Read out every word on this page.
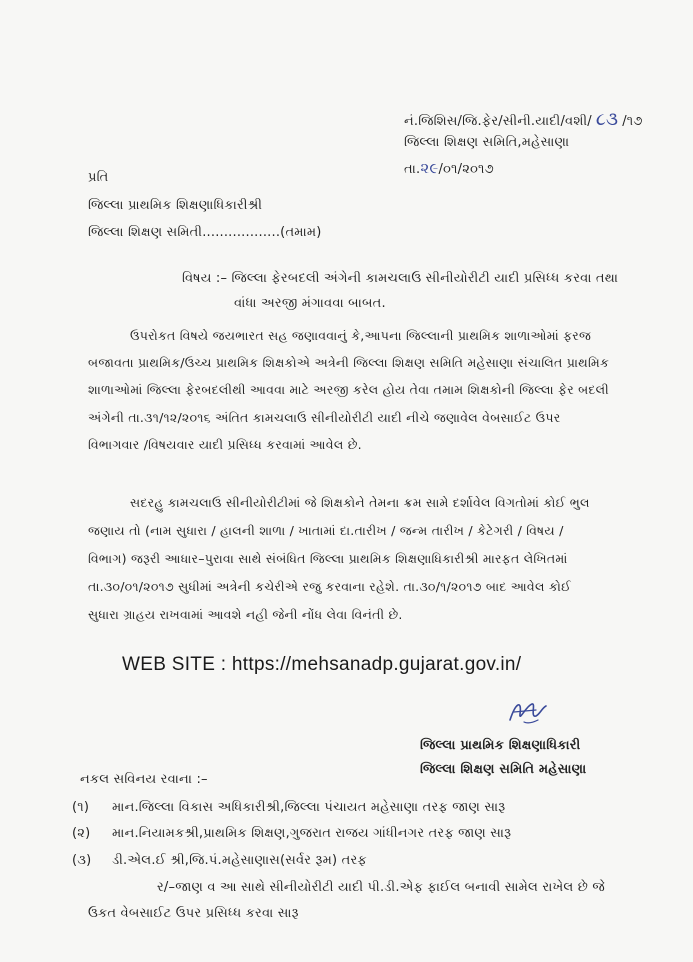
નં.જિશિસ/જિ.ફેર/સીની.યાદી/વશી/ ૮૩ /૧૭
જિલ્લા શિક્ષણ સમિતિ,મહેસાણા
તા.૨૯/૦૧/૨૦૧૭
પ્રતિ
જિલ્લા પ્રાથમિક શિક્ષણાધિકારીશ્રી
જિલ્લા શિક્ષણ સમિતી..................(તમામ)
વિષય :– જિલ્લા ફેરબદલી અંગેની કામચલાઉ સીનીયોરીટી યાદી પ્રસિધ્ધ કરવા તથા
વાંધા અરજી મંગાવવા બાબત.
ઉપરોકત વિષયે જયભારત સહ જણાવવાનું કે,આપના જિલ્લાની પ્રાથમિક શાળાઓમાં ફરજ
બજાવતા પ્રાથમિક/ઉચ્ચ પ્રાથમિક શિક્ષકોએ અત્રેની જિલ્લા શિક્ષણ સમિતિ મહેસાણા સંચાલિત પ્રાથમિક
શાળાઓમાં જિલ્લા ફેરબદલીથી આવવા માટે અરજી કરેલ હોય તેવા તમામ શિક્ષકોની જિલ્લા ફેર બદલી
અંગેની તા.૩૧/૧૨/૨૦૧૬ અંતિત કામચલાઉ સીનીયોરીટી યાદી નીચે જણાવેલ વેબસાઈટ ઉપર
વિભાગવાર /વિષયવાર યાદી પ્રસિધ્ધ કરવામાં આવેલ છે.
સદરહુ કામચલાઉ સીનીયોરીટીમાં જે શિક્ષકોને તેમના ક્રમ સામે દર્શાવેલ વિગતોમાં કોઈ ભુલ
જણાય તો (નામ સુધારા / હાલની શાળા / ખાતામાં દા.તારીખ / જન્મ તારીખ / કેટેગરી / વિષય /
વિભાગ) જરૂરી આધાર–પુરાવા સાથે સંબંધિત જિલ્લા પ્રાથમિક શિક્ષણાધિકારીશ્રી મારફત લેખિતમાં
તા.૩૦/૦૧/૨૦૧૭ સુધીમાં અત્રેની કચેરીએ રજુ કરવાના રહેશે. તા.૩૦/૧/૨૦૧૭ બાદ આવેલ કોઈ
સુધારા ગ્રાહય રાખવામાં આવશે નહી જેની નોંધ લેવા વિનંતી છે.
WEB SITE : https://mehsanadp.gujarat.gov.in/
જિલ્લા પ્રાથમિક શિક્ષણાધિકારી
જિલ્લા શિક્ષણ સમિતિ મહેસાણા
નકલ સવિનય રવાના :–
(૧) માન.જિલ્લા વિકાસ અધિકારીશ્રી,જિલ્લા પંચાયત મહેસાણા તરફ જાણ સારૂ
(૨) માન.નિયામકશ્રી,પ્રાથમિક શિક્ષણ,ગુજરાત રાજય ગાંધીનગર તરફ જાણ સારૂ
(૩) ડી.એલ.ઈ શ્રી,જિ.પં.મહેસાણાસ(સર્વર રૂમ) તરફ
ર/–જાણ વ આ સાથે સીનીયોરીટી યાદી પી.ડી.એફ ફાઈલ બનાવી સામેલ રાખેલ છે જે
ઉકત વેબસાઈટ ઉપર પ્રસિધ્ધ કરવા સારૂ
